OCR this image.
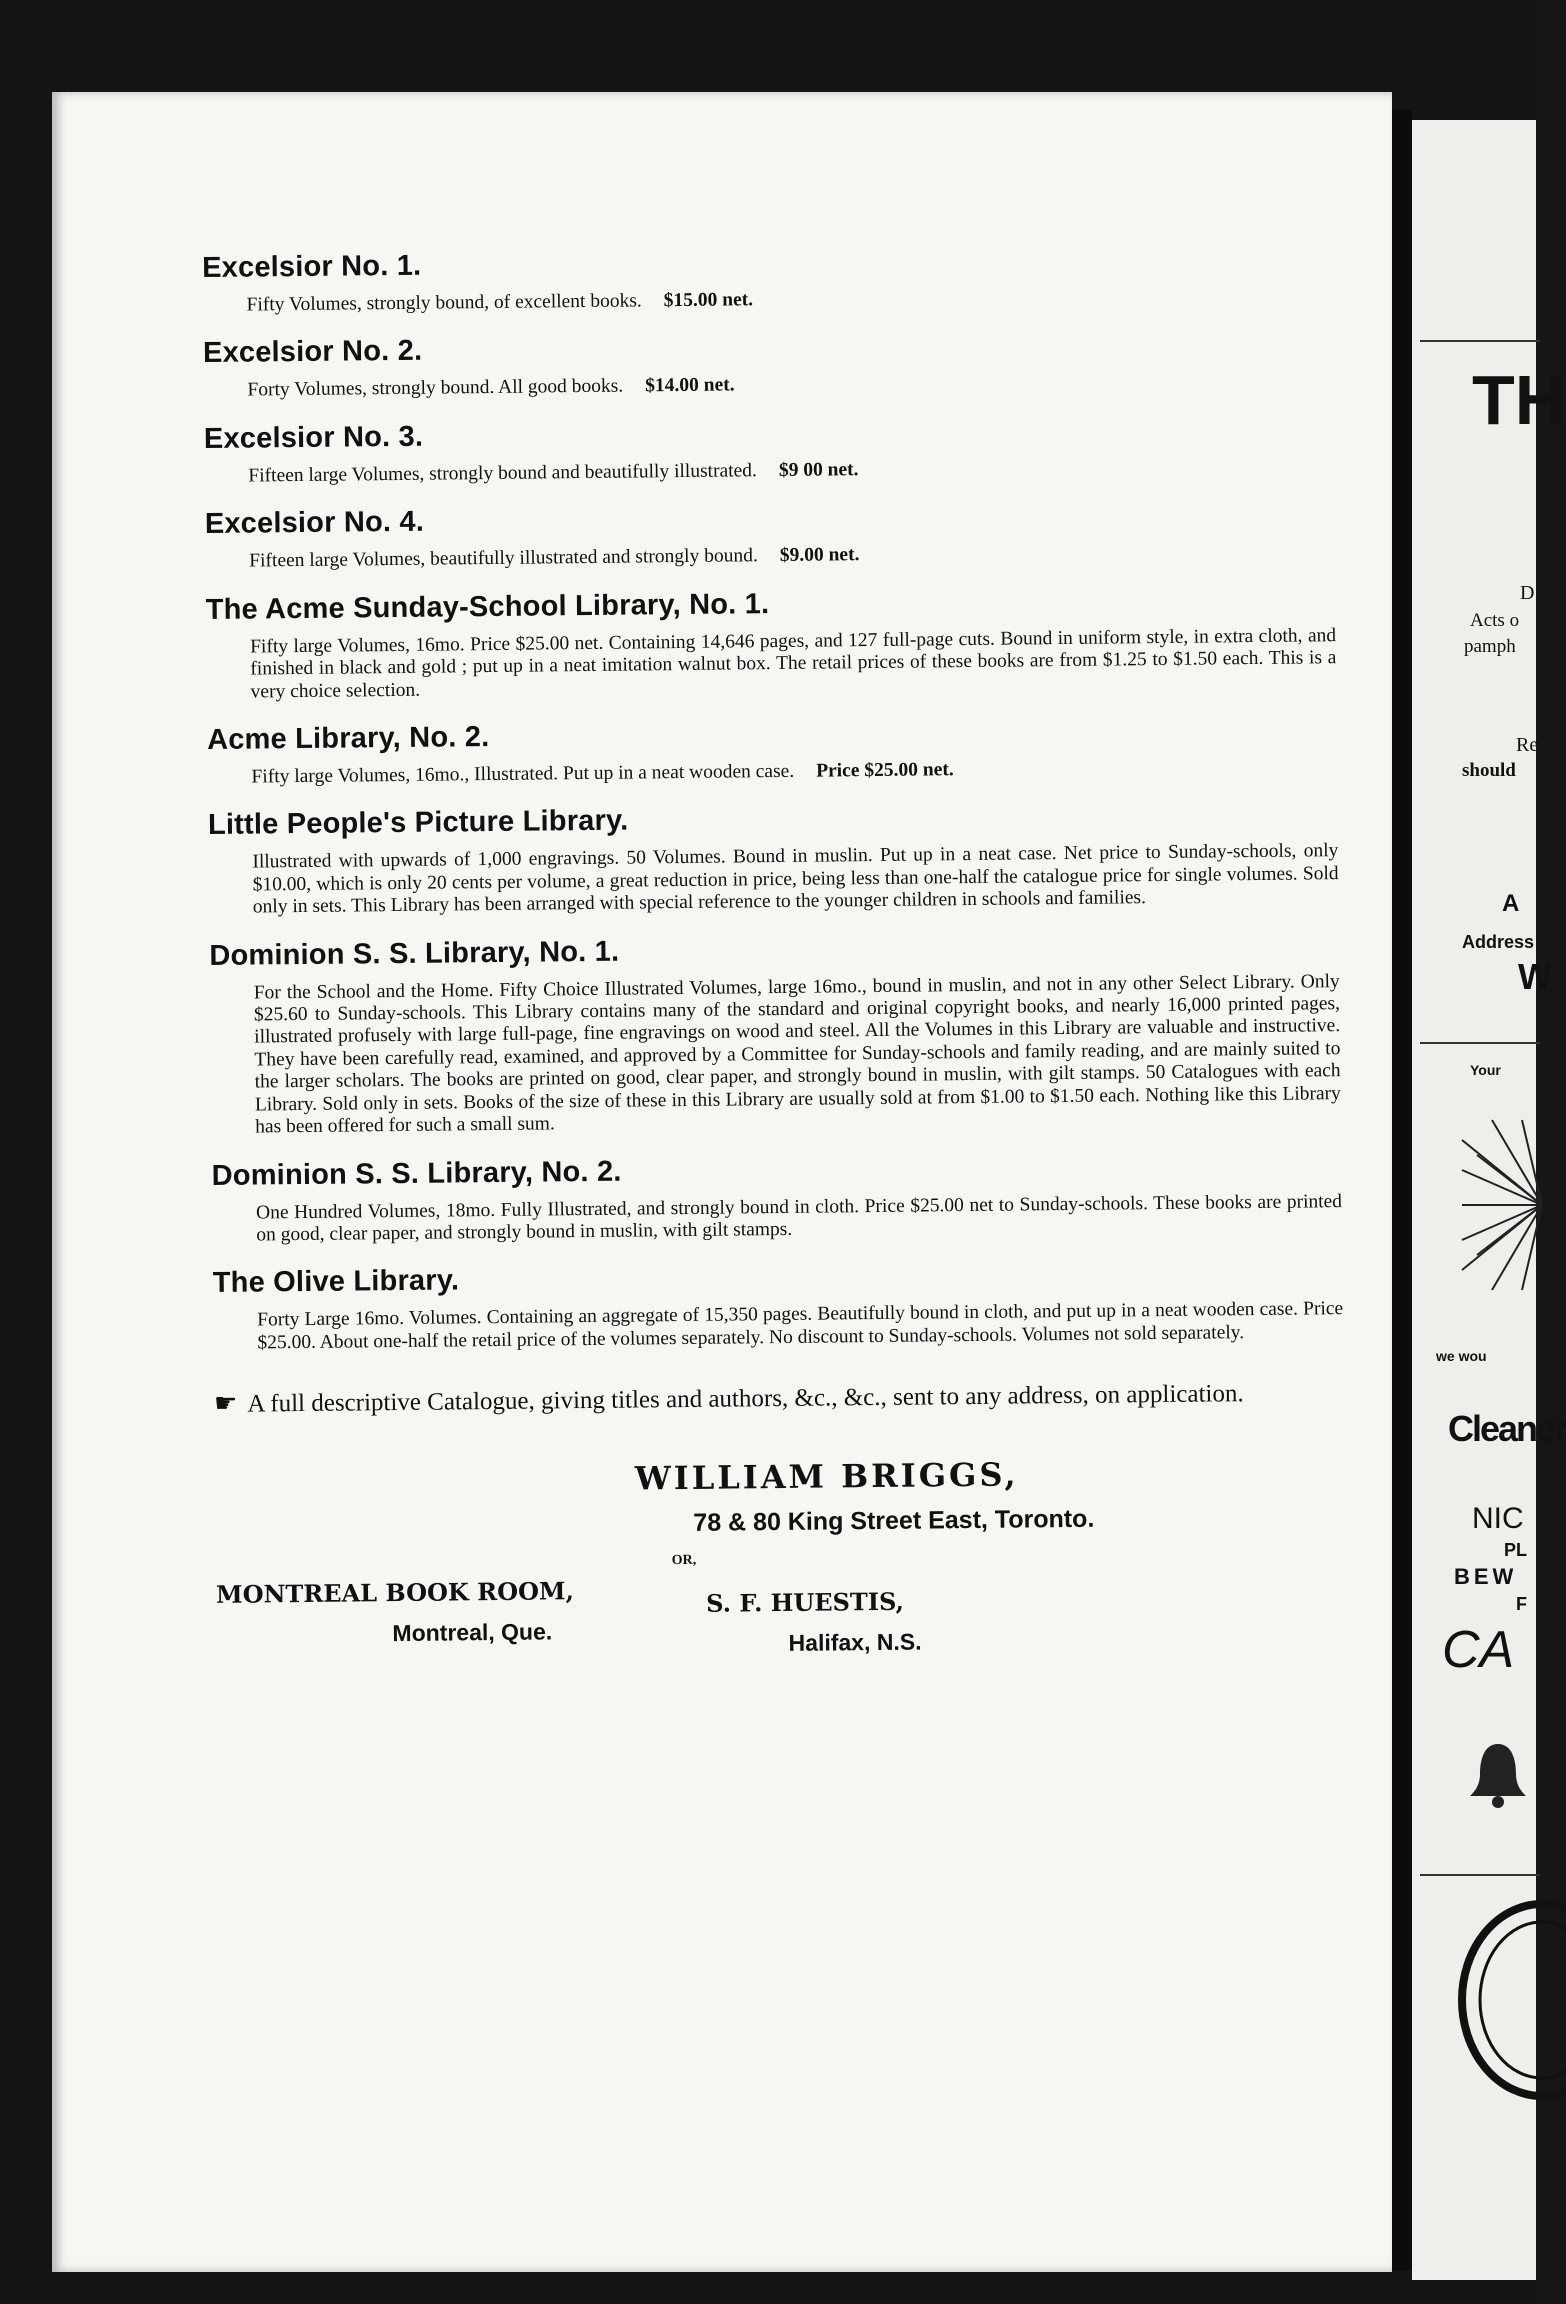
Excelsior No. 1.
Fifty Volumes, strongly bound, of excellent books. $15.00 net.
Excelsior No. 2.
Forty Volumes, strongly bound. All good books. $14.00 net.
Excelsior No. 3.
Fifteen large Volumes, strongly bound and beautifully illustrated. $9 00 net.
Excelsior No. 4.
Fifteen large Volumes, beautifully illustrated and strongly bound. $9.00 net.
The Acme Sunday-School Library, No. 1.
Fifty large Volumes, 16mo. Price $25.00 net. Containing 14,646 pages, and 127 full-page cuts. Bound in uniform style, in extra cloth, and finished in black and gold ; put up in a neat imitation walnut box. The retail prices of these books are from $1.25 to $1.50 each. This is a very choice selection.
Acme Library, No. 2.
Fifty large Volumes, 16mo., Illustrated. Put up in a neat wooden case. Price $25.00 net.
Little People's Picture Library.
Illustrated with upwards of 1,000 engravings. 50 Volumes. Bound in muslin. Put up in a neat case. Net price to Sunday-schools, only $10.00, which is only 20 cents per volume, a great reduction in price, being less than one-half the catalogue price for single volumes. Sold only in sets. This Library has been arranged with special reference to the younger children in schools and families.
Dominion S. S. Library, No. 1.
For the School and the Home. Fifty Choice Illustrated Volumes, large 16mo., bound in muslin, and not in any other Select Library. Only $25.60 to Sunday-schools. This Library contains many of the standard and original copyright books, and nearly 16,000 printed pages, illustrated profusely with large full-page, fine engravings on wood and steel. All the Volumes in this Library are valuable and instructive. They have been carefully read, examined, and approved by a Committee for Sunday-schools and family reading, and are mainly suited to the larger scholars. The books are printed on good, clear paper, and strongly bound in muslin, with gilt stamps. 50 Catalogues with each Library. Sold only in sets. Books of the size of these in this Library are usually sold at from $1.00 to $1.50 each. Nothing like this Library has been offered for such a small sum.
Dominion S. S. Library, No. 2.
One Hundred Volumes, 18mo. Fully Illustrated, and strongly bound in cloth. Price $25.00 net to Sunday-schools. These books are printed on good, clear paper, and strongly bound in muslin, with gilt stamps.
The Olive Library.
Forty Large 16mo. Volumes. Containing an aggregate of 15,350 pages. Beautifully bound in cloth, and put up in a neat wooden case. Price $25.00. About one-half the retail price of the volumes separately. No discount to Sunday-schools. Volumes not sold separately.
☛ A full descriptive Catalogue, giving titles and authors, &c., &c., sent to any address, on application.
WILLIAM BRIGGS,
78 & 80 King Street East, Toronto.
OR,
MONTREAL BOOK ROOM,
Montreal, Que.
S. F. HUESTIS,
Halifax, N.S.
TH
D
Acts o
pamph
Re
should
A
Address
W
Your
we wou
Cleaner
NIC
PL
BEW
F
CA
